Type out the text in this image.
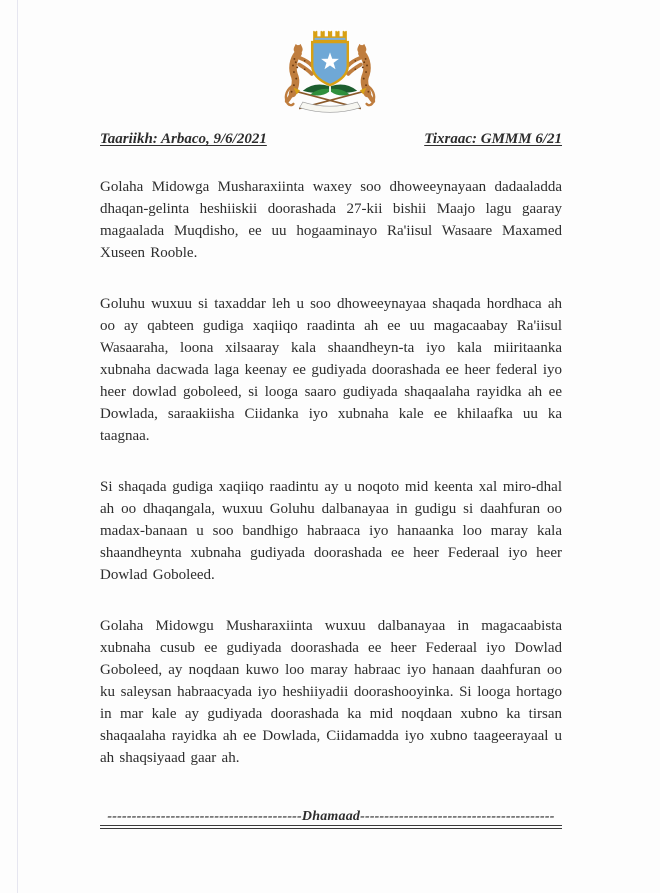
Taariikh: Arbaco, 9/6/2021	Tixraac: GMMM 6/21

Golaha Midowga Musharaxiinta waxey soo dhoweeynayaan dadaaladda dhaqan-gelinta heshiiskii doorashada 27-kii bishii Maajo lagu gaaray magaalada Muqdisho, ee uu hogaaminayo Ra'iisul Wasaare Maxamed Xuseen Rooble.

Goluhu wuxuu si taxaddar leh u soo dhoweeynayaa shaqada hordhaca ah oo ay qabteen gudiga xaqiiqo raadinta ah ee uu magacaabay Ra'iisul Wasaaraha, loona xilsaaray kala shaandheyn-ta iyo kala miiritaanka xubnaha dacwada laga keenay ee gudiyada doorashada ee heer federal iyo heer dowlad goboleed, si looga saaro gudiyada shaqaalaha rayidka ah ee Dowlada, saraakiisha Ciidanka iyo xubnaha kale ee khilaafka uu ka taagnaa.

Si shaqada gudiga xaqiiqo raadintu ay u noqoto mid keenta xal miro-dhal ah oo dhaqangala, wuxuu Goluhu dalbanayaa in gudigu si daahfuran oo madax-banaan u soo bandhigo habraaca iyo hanaanka loo maray kala shaandheynta xubnaha gudiyada doorashada ee heer Federaal iyo heer Dowlad Goboleed.

Golaha Midowgu Musharaxiinta wuxuu dalbanayaa in magacaabista xubnaha cusub ee gudiyada doorashada ee heer Federaal iyo Dowlad Goboleed, ay noqdaan kuwo loo maray habraac iyo hanaan daahfuran oo ku saleysan habraacyada iyo heshiiyadii doorashooyinka. Si looga hortago in mar kale ay gudiyada doorashada ka mid noqdaan xubno ka tirsan shaqaalaha rayidka ah ee Dowlada, Ciidamadda iyo xubno taageerayaal u ah shaqsiyaad gaar ah.

----------------------------------------Dhamaad----------------------------------------
